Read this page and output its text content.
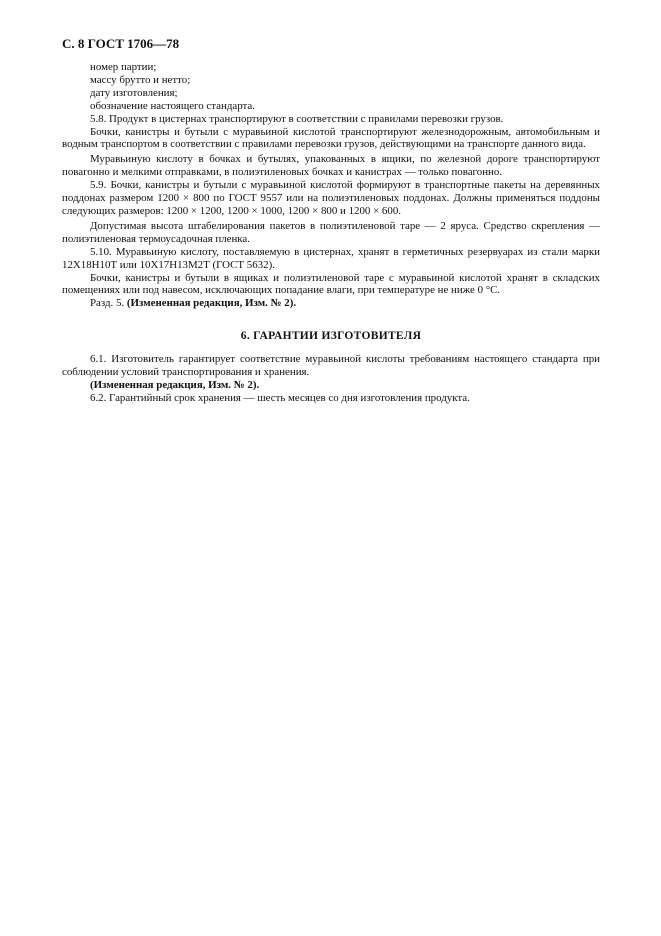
С. 8 ГОСТ 1706—78

номер партии;

массу брутто и нетто;

дату изготовления;

обозначение настоящего стандарта.

5.8. Продукт в цистернах транспортируют в соответствии с правилами перевозки грузов.

Бочки, канистры и бутыли с муравьиной кислотой транспортируют железнодорожным, автомобильным и водным транспортом в соответствии с правилами перевозки грузов, действующими на транспорте данного вида.

Муравьиную кислоту в бочках и бутылях, упакованных в ящики, по железной дороге транспортируют повагонно и мелкими отправками, в полиэтиленовых бочках и канистрах — только повагонно.

5.9. Бочки, канистры и бутыли с муравьиной кислотой формируют в транспортные пакеты на деревянных поддонах размером 1200 × 800 по ГОСТ 9557 или на полиэтиленовых поддонах. Должны применяться поддоны следующих размеров: 1200 × 1200, 1200 × 1000, 1200 × 800 и 1200 × 600.

Допустимая высота штабелирования пакетов в полиэтиленовой таре — 2 яруса. Средство скрепления — полиэтиленовая термоусадочная пленка.

5.10. Муравьиную кислоту, поставляемую в цистернах, хранят в герметичных резервуарах из стали марки 12Х18Н10Т или 10Х17Н13М2Т (ГОСТ 5632).

Бочки, канистры и бутыли в ящиках и полиэтиленовой таре с муравьиной кислотой хранят в складских помещениях или под навесом, исключающих попадание влаги, при температуре не ниже 0 °С.

Разд. 5. (Измененная редакция, Изм. № 2).

6. ГАРАНТИИ ИЗГОТОВИТЕЛЯ

6.1. Изготовитель гарантирует соответствие муравьиной кислоты требованиям настоящего стандарта при соблюдении условий транспортирования и хранения.

(Измененная редакция, Изм. № 2).

6.2. Гарантийный срок хранения — шесть месяцев со дня изготовления продукта.
